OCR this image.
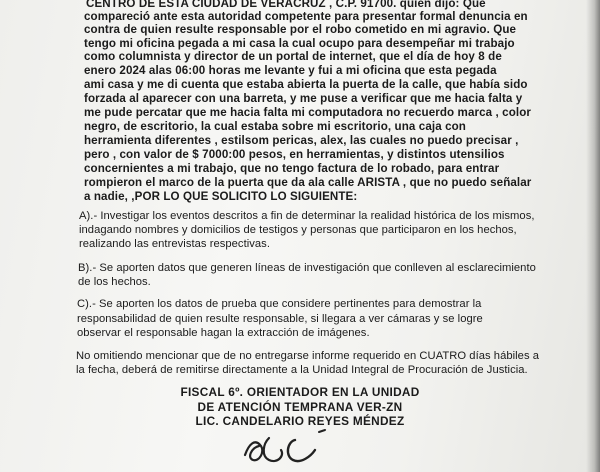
CENTRO DE ESTA CIUDAD DE VERACRUZ , C.P. 91700. quien dijo: Que
compareció ante esta autoridad competente para presentar formal denuncia en
contra de quien resulte responsable por el robo cometido en mi agravio. Que
tengo mi oficina pegada a mi casa la cual ocupo para desempeñar mi trabajo
como columnista y director de un portal de internet, que el día de hoy 8 de
enero 2024 alas 06:00 horas me levante y fui a mi oficina que esta pegada
ami casa y me di cuenta que estaba abierta la puerta de la calle, que había sido
forzada al aparecer con una barreta, y me puse a verificar que me hacia falta y
me pude percatar que me hacia falta mi computadora no recuerdo marca , color
negro, de escritorio, la cual estaba sobre mi escritorio, una caja con
herramienta diferentes , estilsom pericas, alex, las cuales no puedo precisar ,
pero , con valor de $ 7000:00 pesos, en herramientas, y distintos utensilios
concernientes a mi trabajo, que no tengo factura de lo robado, para entrar
rompieron el marco de la puerta que da ala calle ARISTA , que no puedo señalar
a nadie, ,POR LO QUE SOLICITO LO SIGUIENTE:
A).- Investigar los eventos descritos a fin de determinar la realidad histórica de los mismos,
indagando nombres y domicilios de testigos y personas que participaron en los hechos,
realizando las entrevistas respectivas.
B).- Se aporten datos que generen líneas de investigación que conlleven al esclarecimiento
de los hechos.
C).- Se aporten los datos de prueba que considere pertinentes para demostrar la
responsabilidad de quien resulte responsable, si llegara a ver cámaras y se logre
observar el responsable hagan la extracción de imágenes.
No omitiendo mencionar que de no entregarse informe requerido en CUATRO días hábiles a
la fecha, deberá de remitirse directamente a la Unidad Integral de Procuración de Justicia.
FISCAL 6º. ORIENTADOR EN LA UNIDAD
DE ATENCIÓN TEMPRANA VER-ZN
LIC. CANDELARIO REYES MÉNDEZ
